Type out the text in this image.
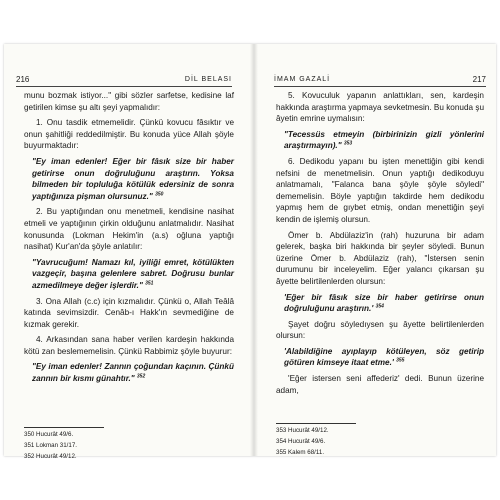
216	DİL BELASI

munu bozmak istiyor..." gibi sözler sarfetse, kedisine laf getirilen kimse şu altı şeyi yapmalıdır:

1. Onu tasdik etmemelidir. Çünkü kovucu fâsıktır ve onun şahitliği reddedilmiştir. Bu konuda yüce Allah şöyle buyurmaktadır:

"Ey iman edenler! Eğer bir fâsık size bir haber getirirse onun doğruluğunu araştırın. Yoksa bilmeden bir topluluğa kötülük edersiniz de sonra yaptığınıza pişman olursunuz." $^{350}$

2. Bu yaptığından onu menetmeli, kendisine nasihat etmeli ve yaptığının çirkin olduğunu anlatmalıdır. Nasihat konusunda (Lokman Hekim'in (a.s) oğluna yaptığı nasihat) Kur'an'da şöyle anlatılır:

"Yavrucuğum! Namazı kıl, iyiliği emret, kötülükten vazgeçir, başına gelenlere sabret. Doğrusu bunlar azmedilmeye değer işlerdir." $^{351}$

3. Ona Allah (c.c) için kızmalıdır. Çünkü o, Allah Teâlâ katında sevimsizdir. Cenâb-ı Hakk'ın sevmediğine de kızmak gerekir.

4. Arkasından sana haber verilen kardeşin hakkında kötü zan beslememelisin. Çünkü Rabbimiz şöyle buyurur:

"Ey iman edenler! Zannın çoğundan kaçının. Çünkü zannın bir kısmı günahtır." $^{352}$

350 Hucurât 49/6.
351 Lokman 31/17.
352 Hucurât 49/12.
İMAM GAZALİ	217

5. Kovuculuk yapanın anlattıkları, sen, kardeşin hakkında araştırma yapmaya sevketmesin. Bu konuda şu âyetin emrine uymalısın:

"Tecessüs etmeyin (birbirinizin gizli yönlerini araştırmayın)." $^{353}$

6. Dedikodu yapanı bu işten menettiğin gibi kendi nefsini de menetmelisin. Onun yaptığı dedikoduyu anlatmamalı, "Falanca bana şöyle şöyle söyledi" dememelisin. Böyle yaptığın takdirde hem dedikodu yapmış hem de gıybet etmiş, ondan menettiğin şeyi kendin de işlemiş olursun.

Ömer b. Abdülaziz'in (rah) huzuruna bir adam gelerek, başka biri hakkında bir şeyler söyledi. Bunun üzerine Ömer b. Abdülaziz (rah), "İstersen senin durumunu bir inceleyelim. Eğer yalancı çıkarsan şu âyette belirtilenlerden olursun:

'Eğer bir fâsık size bir haber getirirse onun doğruluğunu araştırın.' $^{354}$

Şayet doğru söyledıysen şu âyette belirtilenlerden olursun:

'Alabildiğine ayıplayıp kötüleyen, söz getirip götüren kimseye itaat etme.' $^{355}$

'Eğer istersen seni affederiz' dedi. Bunun üzerine adam,

353 Hucurât 49/12.
354 Hucurât 49/6.
355 Kalem 68/11.
